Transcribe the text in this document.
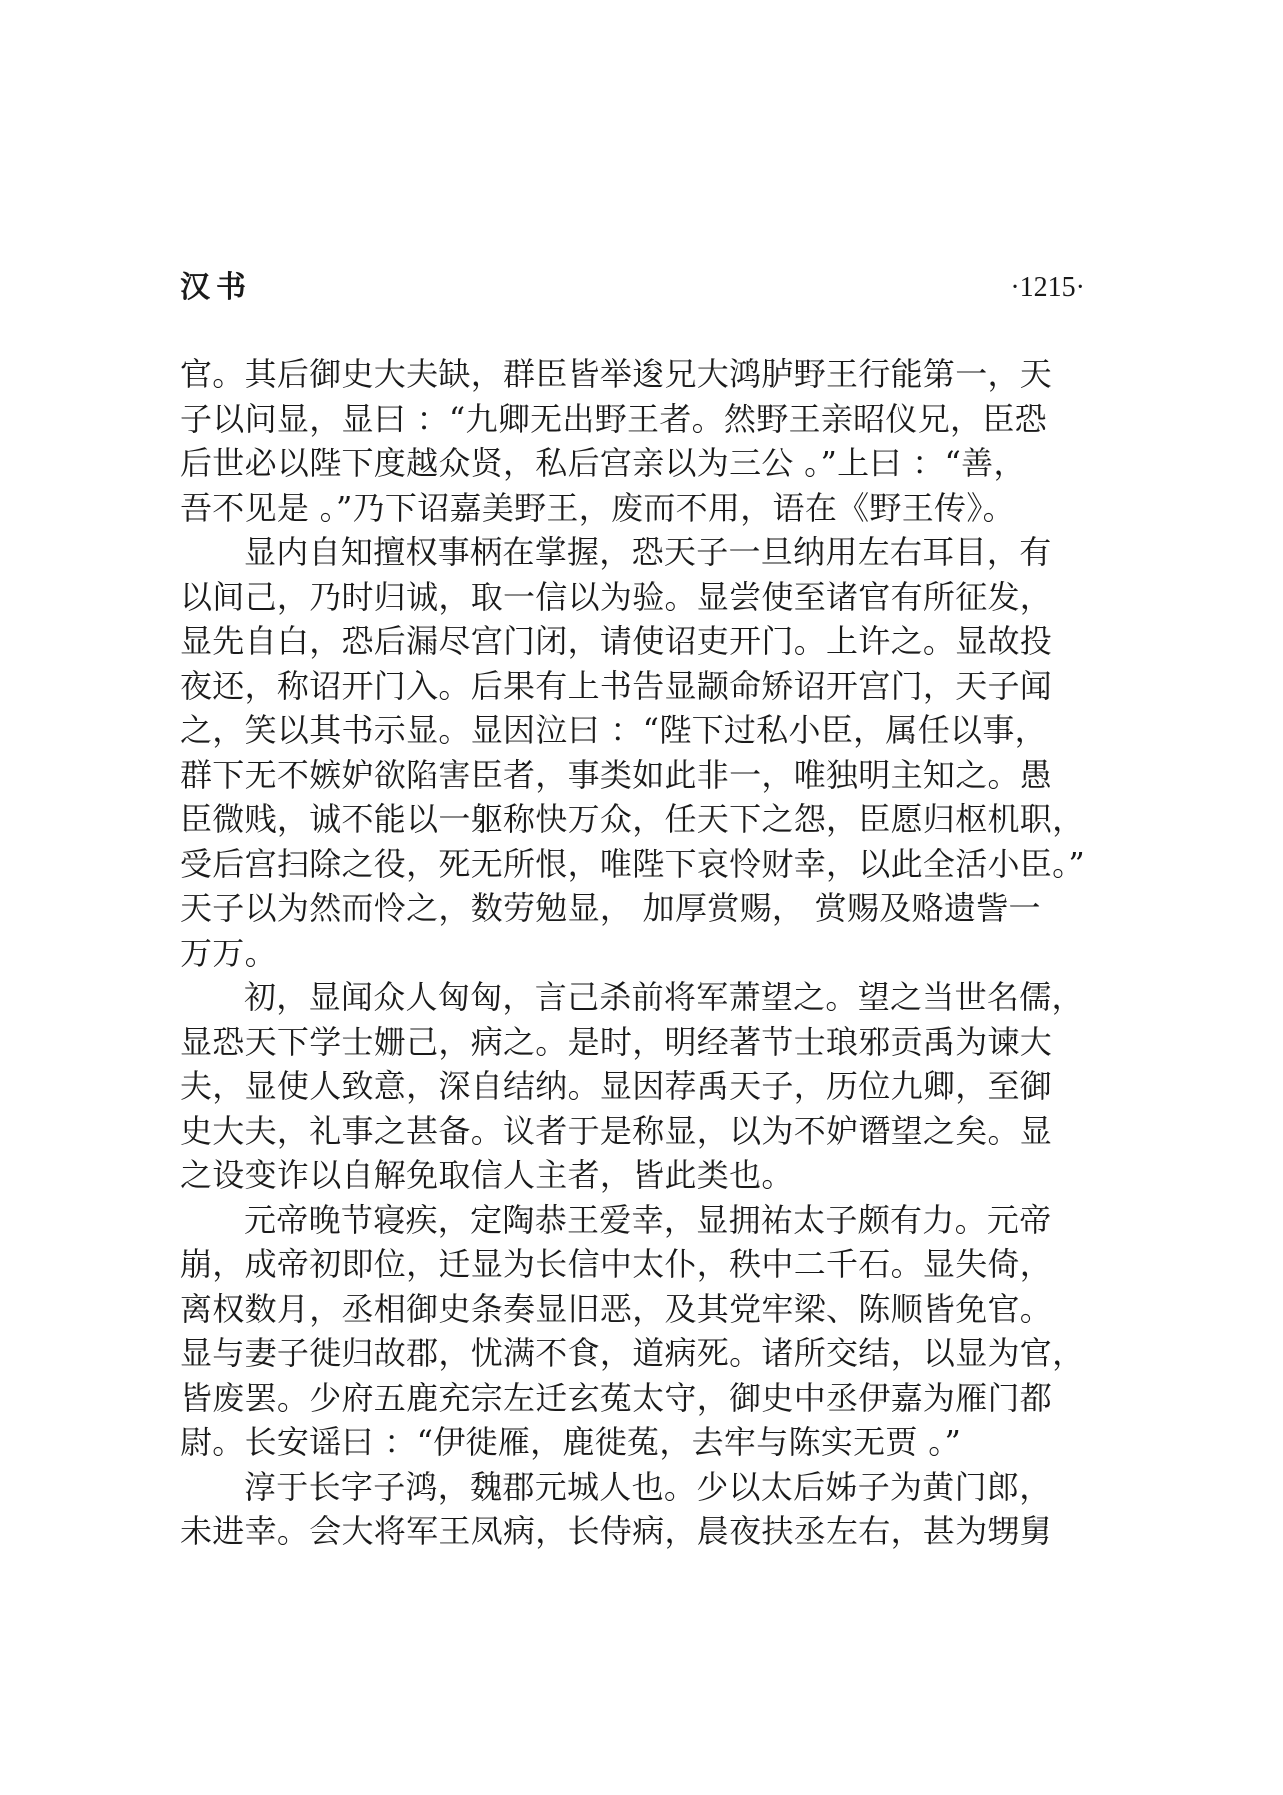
汉书	·1215·
官。其后御史大夫缺，群臣皆举逡兄大鸿胪野王行能第一，天
子以问显，显曰 ：“九卿无出野王者。然野王亲昭仪兄，臣恐
后世必以陛下度越众贤，私后宫亲以为三公 。”上曰 ：“善，
吾不见是 。”乃下诏嘉美野王，废而不用，语在《野王传》。
显内自知擅权事柄在掌握，恐天子一旦纳用左右耳目，有
以间己，乃时归诚，取一信以为验。显尝使至诸官有所征发，
显先自白，恐后漏尽宫门闭，请使诏吏开门。上许之。显故投
夜还，称诏开门入。后果有上书告显颛命矫诏开宫门，天子闻
之，笑以其书示显。显因泣曰 ：“陛下过私小臣，属任以事，
群下无不嫉妒欲陷害臣者，事类如此非一，唯独明主知之。愚
臣微贱，诚不能以一躯称快万众，任天下之怨，臣愿归枢机职，
受后宫扫除之役，死无所恨，唯陛下哀怜财幸，以此全活小臣。”
天子以为然而怜之，数劳勉显， 加厚赏赐， 赏赐及赂遗訾一
万万。
初，显闻众人匈匈，言己杀前将军萧望之。望之当世名儒，
显恐天下学士姗己，病之。是时，明经著节士琅邪贡禹为谏大
夫，显使人致意，深自结纳。显因荐禹天子，历位九卿，至御
史大夫，礼事之甚备。议者于是称显，以为不妒谮望之矣。显
之设变诈以自解免取信人主者，皆此类也。
元帝晚节寝疾，定陶恭王爱幸，显拥祐太子颇有力。元帝
崩，成帝初即位，迁显为长信中太仆，秩中二千石。显失倚，
离权数月，丞相御史条奏显旧恶，及其党牢梁、陈顺皆免官。
显与妻子徙归故郡，忧满不食，道病死。诸所交结，以显为官，
皆废罢。少府五鹿充宗左迁玄菟太守，御史中丞伊嘉为雁门都
尉。长安谣曰 ：“伊徙雁，鹿徙菟，去牢与陈实无贾 。”
淳于长字子鸿，魏郡元城人也。少以太后姊子为黄门郎，
未进幸。会大将军王凤病，长侍病，晨夜扶丞左右，甚为甥舅
